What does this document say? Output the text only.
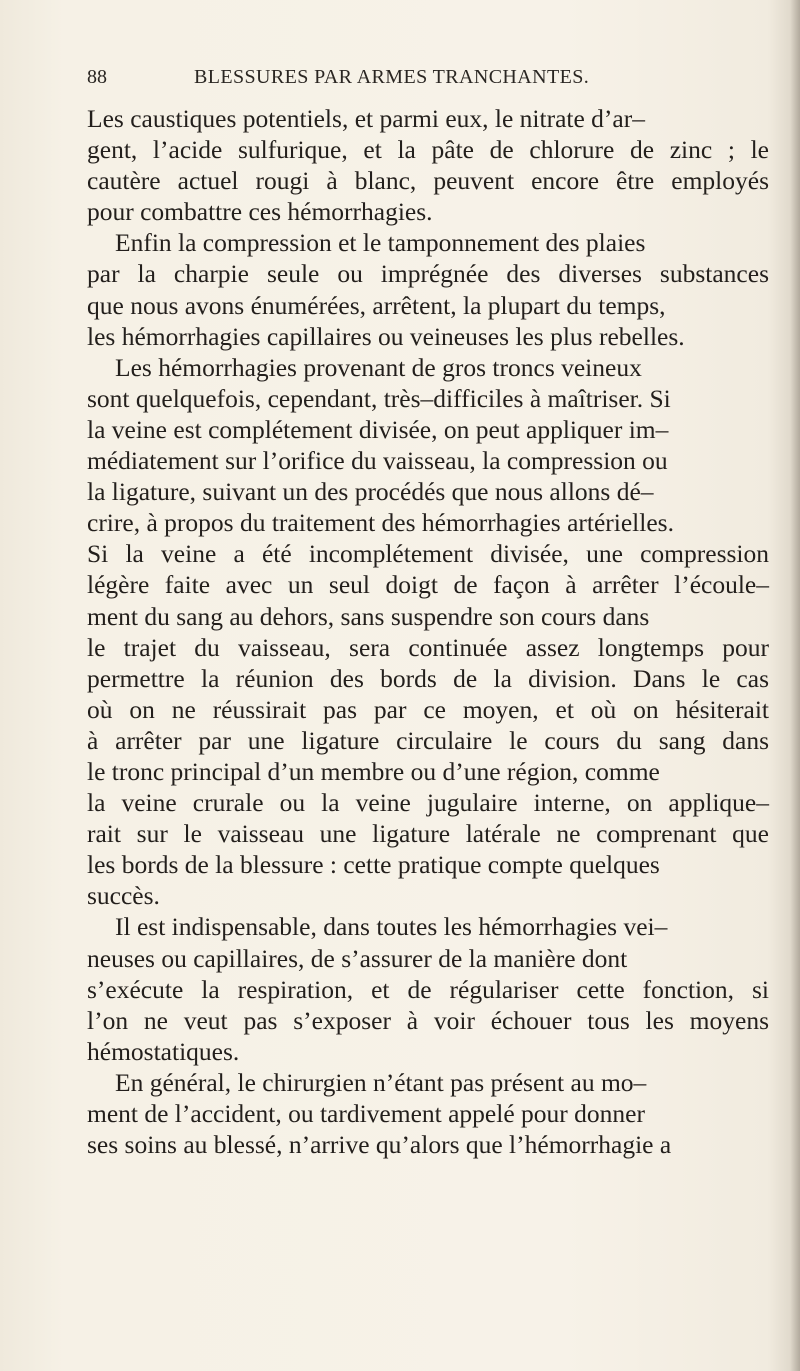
88	BLESSURES PAR ARMES TRANCHANTES.
Les caustiques potentiels, et parmi eux, le nitrate d’ar–
gent, l’acide sulfurique, et la pâte de chlorure de zinc ; le
cautère actuel rougi à blanc, peuvent encore être employés
pour combattre ces hémorrhagies.
Enfin la compression et le tamponnement des plaies
par la charpie seule ou imprégnée des diverses substances
que nous avons énumérées, arrêtent, la plupart du temps,
les hémorrhagies capillaires ou veineuses les plus rebelles.
Les hémorrhagies provenant de gros troncs veineux
sont quelquefois, cependant, très–difficiles à maîtriser. Si
la veine est complétement divisée, on peut appliquer im–
médiatement sur l’orifice du vaisseau, la compression ou
la ligature, suivant un des procédés que nous allons dé–
crire, à propos du traitement des hémorrhagies artérielles.
Si la veine a été incomplétement divisée, une compression
légère faite avec un seul doigt de façon à arrêter l’écoule–
ment du sang au dehors, sans suspendre son cours dans
le trajet du vaisseau, sera continuée assez longtemps pour
permettre la réunion des bords de la division. Dans le cas
où on ne réussirait pas par ce moyen, et où on hésiterait
à arrêter par une ligature circulaire le cours du sang dans
le tronc principal d’un membre ou d’une région, comme
la veine crurale ou la veine jugulaire interne, on applique–
rait sur le vaisseau une ligature latérale ne comprenant que
les bords de la blessure : cette pratique compte quelques
succès.
Il est indispensable, dans toutes les hémorrhagies vei–
neuses ou capillaires, de s’assurer de la manière dont
s’exécute la respiration, et de régulariser cette fonction, si
l’on ne veut pas s’exposer à voir échouer tous les moyens
hémostatiques.
En général, le chirurgien n’étant pas présent au mo–
ment de l’accident, ou tardivement appelé pour donner
ses soins au blessé, n’arrive qu’alors que l’hémorrhagie a
